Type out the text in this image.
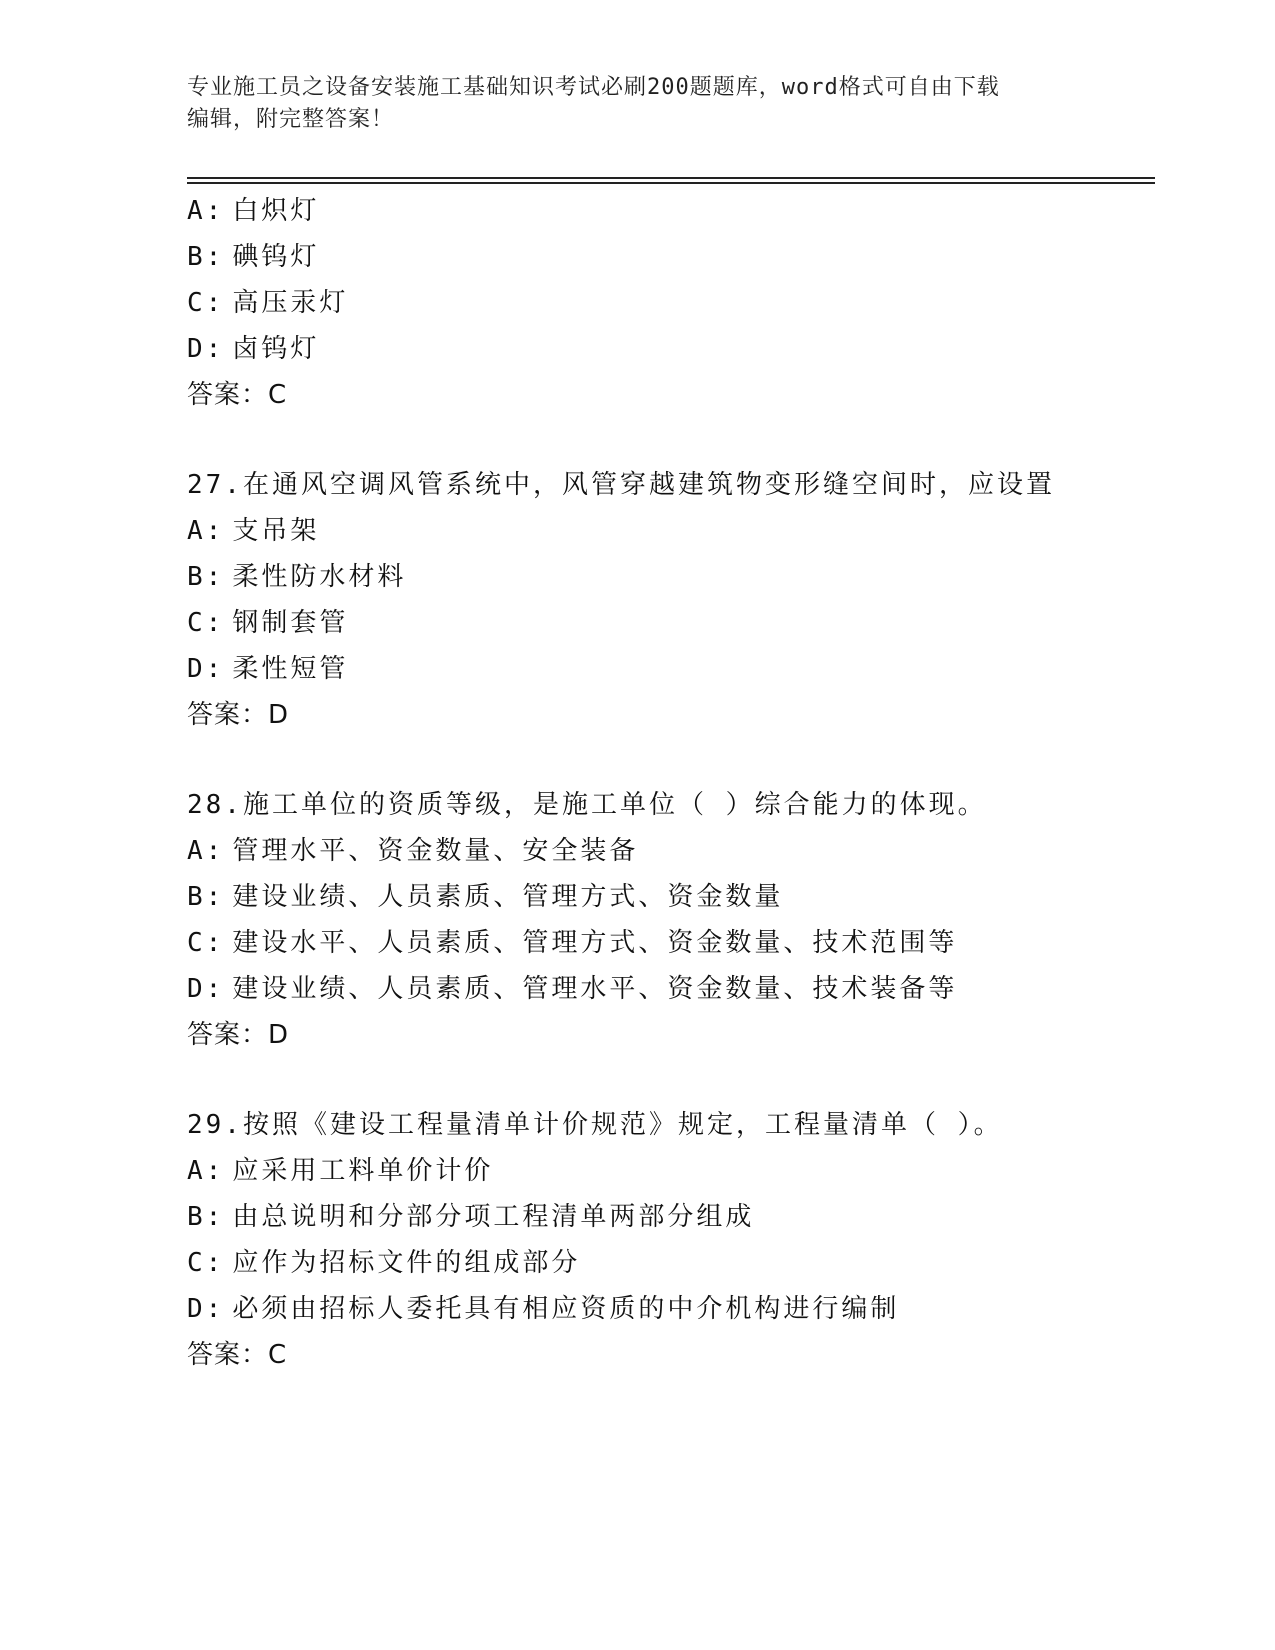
专业施工员之设备安装施工基础知识考试必刷200题题库，word格式可自由下载
编辑，附完整答案！
A: 白炽灯
B: 碘钨灯
C: 高压汞灯
D: 卤钨灯
答案：C
27.在通风空调风管系统中，风管穿越建筑物变形缝空间时，应设置
A: 支吊架
B: 柔性防水材料
C: 钢制套管
D: 柔性短管
答案：D
28.施工单位的资质等级，是施工单位（ ）综合能力的体现。
A: 管理水平、资金数量、安全装备
B: 建设业绩、人员素质、管理方式、资金数量
C: 建设水平、人员素质、管理方式、资金数量、技术范围等
D: 建设业绩、人员素质、管理水平、资金数量、技术装备等
答案：D
29.按照《建设工程量清单计价规范》规定，工程量清单（ ）。
A: 应采用工料单价计价
B: 由总说明和分部分项工程清单两部分组成
C: 应作为招标文件的组成部分
D: 必须由招标人委托具有相应资质的中介机构进行编制
答案：C
